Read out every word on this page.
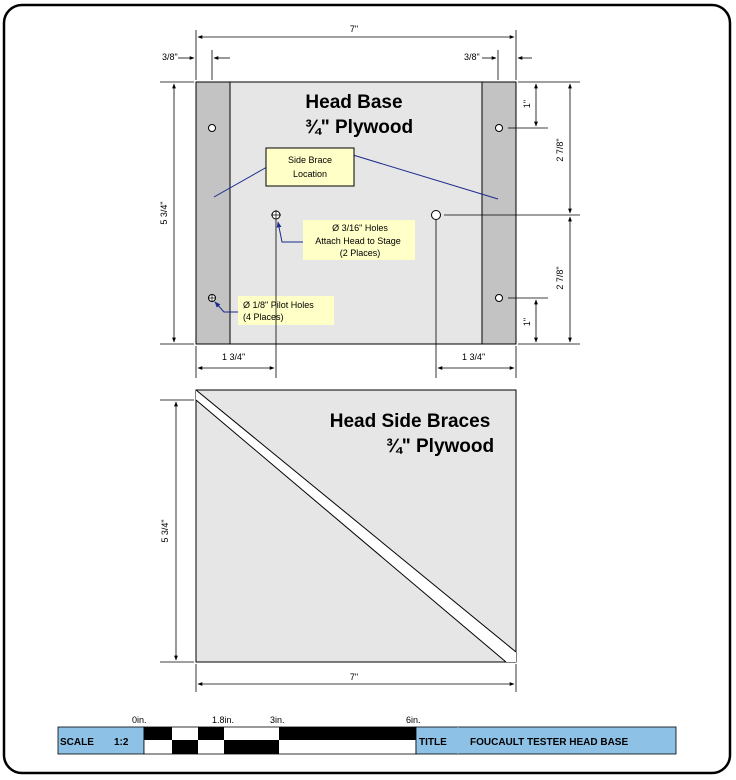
Head Base
¾" Plywood
Side Brace
Location
Ø 3/16" Holes
Attach Head to Stage
(2 Places)
Ø 1/8" Pilot Holes
(4 Places)
7"
3/8"	3/8"
5 3/4"
1"
2 7/8"
2 7/8"
1"
1 3/4"	1 3/4"
Head Side Braces
¾" Plywood
5 3/4"
7"
SCALE 1:2
0in.	1.8in.	3in.	6in.
TITLE FOUCAULT TESTER HEAD BASE
